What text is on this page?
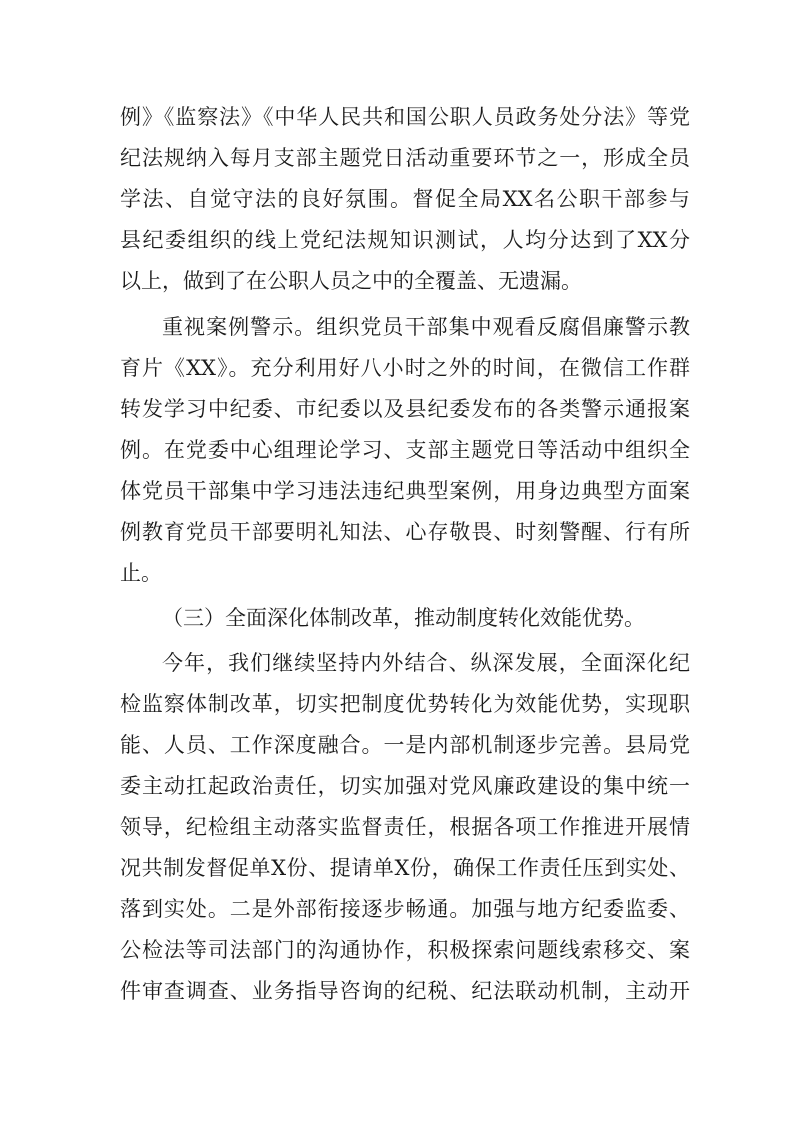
例》《监察法》《中华人民共和国公职人员政务处分法》等党
纪法规纳入每月支部主题党日活动重要环节之一，形成全员
学法、自觉守法的良好氛围。督促全局XX名公职干部参与
县纪委组织的线上党纪法规知识测试，人均分达到了XX分
以上，做到了在公职人员之中的全覆盖、无遗漏。
重视案例警示。组织党员干部集中观看反腐倡廉警示教
育片《XX》。充分利用好八小时之外的时间，在微信工作群
转发学习中纪委、市纪委以及县纪委发布的各类警示通报案
例。在党委中心组理论学习、支部主题党日等活动中组织全
体党员干部集中学习违法违纪典型案例，用身边典型方面案
例教育党员干部要明礼知法、心存敬畏、时刻警醒、行有所
止。
（三）全面深化体制改革，推动制度转化效能优势。
今年，我们继续坚持内外结合、纵深发展，全面深化纪
检监察体制改革，切实把制度优势转化为效能优势，实现职
能、人员、工作深度融合。一是内部机制逐步完善。县局党
委主动扛起政治责任，切实加强对党风廉政建设的集中统一
领导，纪检组主动落实监督责任，根据各项工作推进开展情
况共制发督促单X份、提请单X份，确保工作责任压到实处、
落到实处。二是外部衔接逐步畅通。加强与地方纪委监委、
公检法等司法部门的沟通协作，积极探索问题线索移交、案
件审查调查、业务指导咨询的纪税、纪法联动机制，主动开
